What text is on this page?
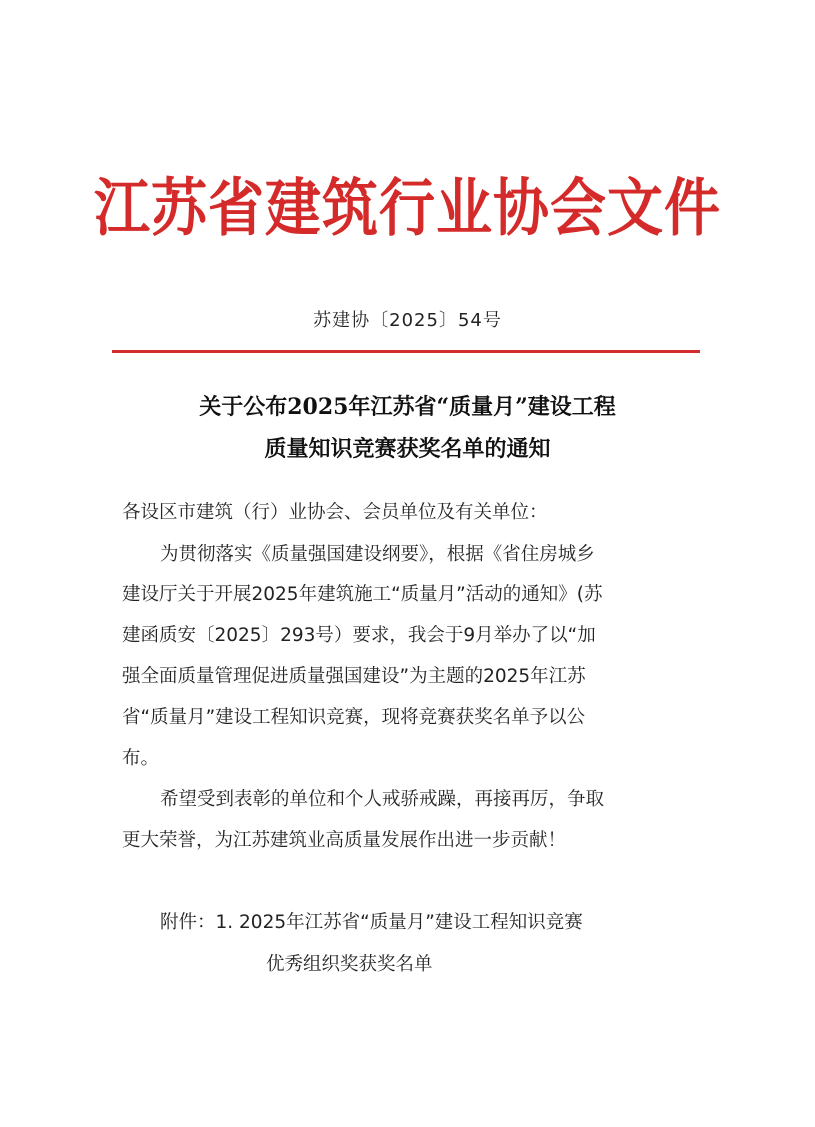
江苏省建筑行业协会文件
苏建协〔2025〕54号
关于公布2025年江苏省“质量月”建设工程
质量知识竞赛获奖名单的通知
各设区市建筑（行）业协会、会员单位及有关单位：
为贯彻落实《质量强国建设纲要》，根据《省住房城乡
建设厅关于开展2025年建筑施工“质量月”活动的通知》(苏
建函质安〔2025〕293号）要求，我会于9月举办了以“加
强全面质量管理促进质量强国建设”为主题的2025年江苏
省“质量月”建设工程知识竞赛，现将竞赛获奖名单予以公
布。
希望受到表彰的单位和个人戒骄戒躁，再接再厉，争取
更大荣誉，为江苏建筑业高质量发展作出进一步贡献！
附件：1. 2025年江苏省“质量月”建设工程知识竞赛
优秀组织奖获奖名单
